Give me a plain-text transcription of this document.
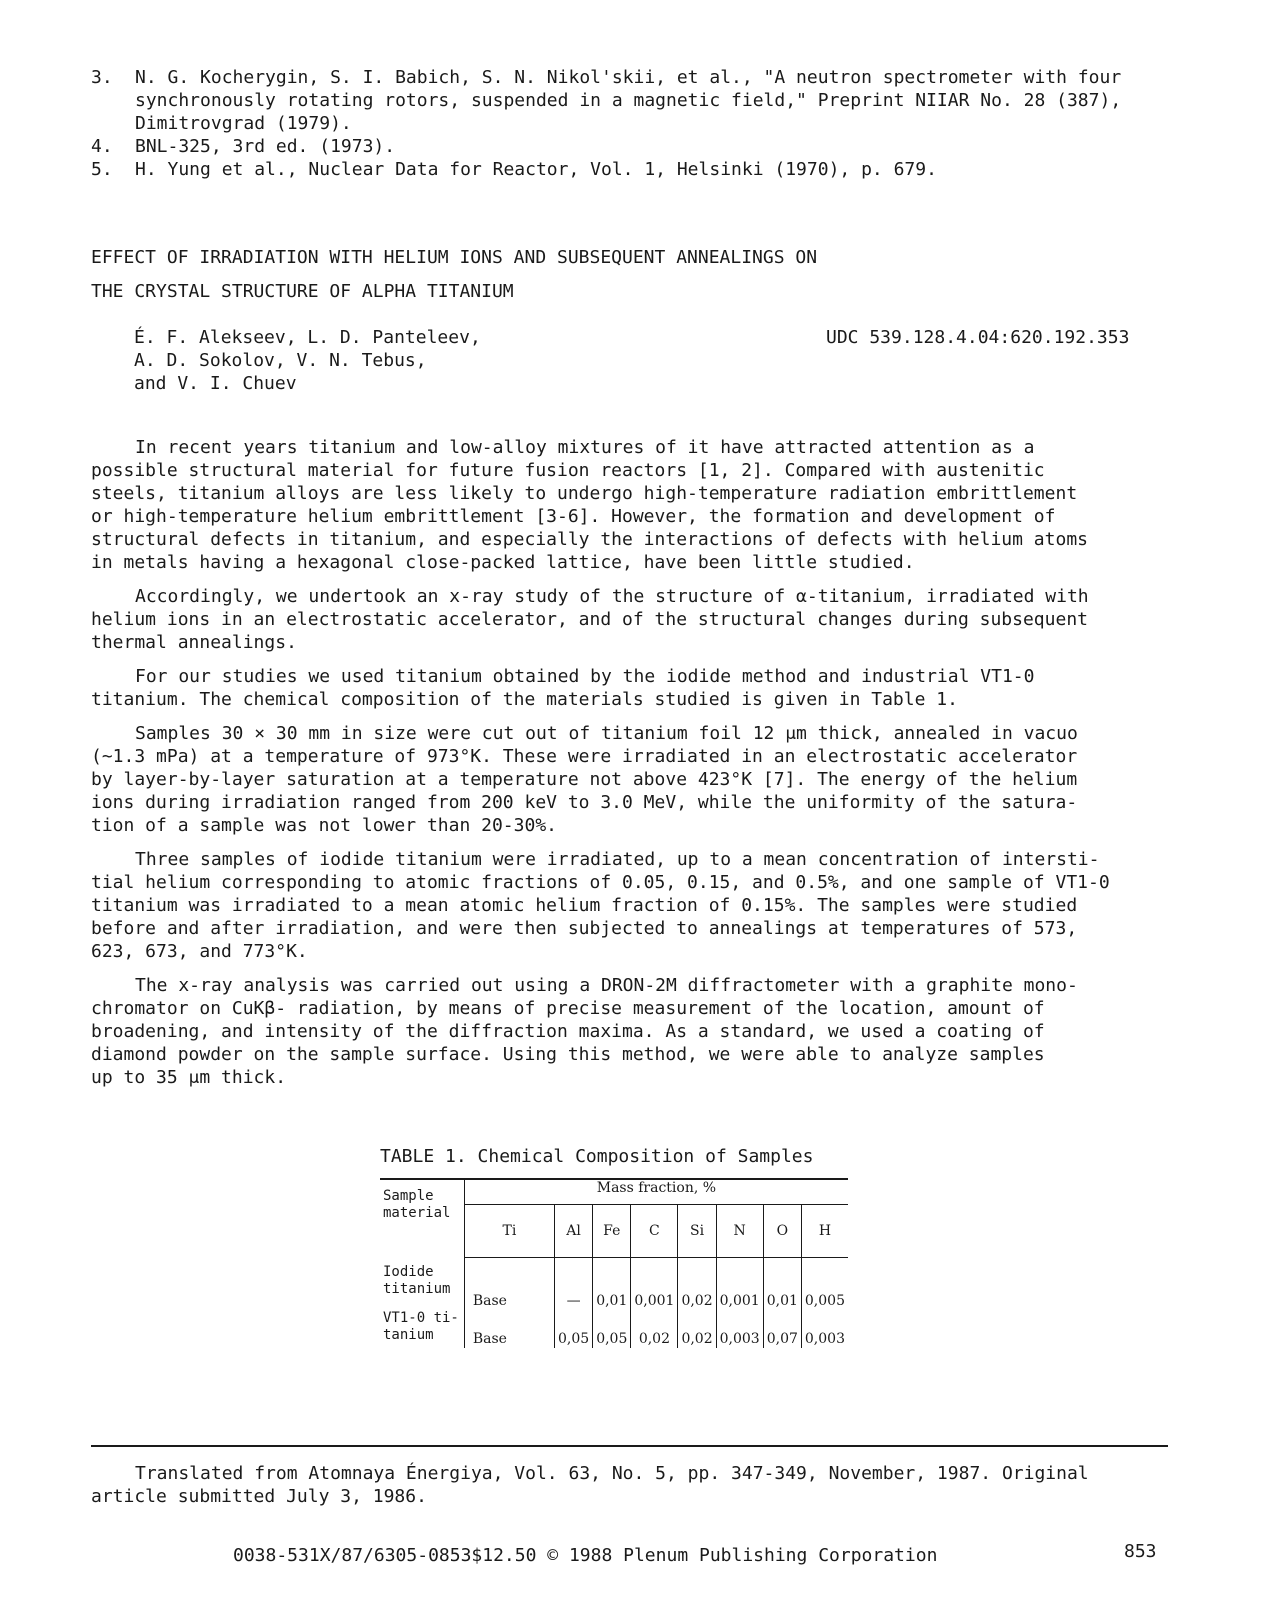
3. N. G. Kocherygin, S. I. Babich, S. N. Nikol'skii, et al., "A neutron spectrometer with four synchronously rotating rotors, suspended in a magnetic field," Preprint NIIAR No. 28 (387), Dimitrovgrad (1979).
4. BNL-325, 3rd ed. (1973).
5. H. Yung et al., Nuclear Data for Reactor, Vol. 1, Helsinki (1970), p. 679.
EFFECT OF IRRADIATION WITH HELIUM IONS AND SUBSEQUENT ANNEALINGS ON
THE CRYSTAL STRUCTURE OF ALPHA TITANIUM
É. F. Alekseev, L. D. Panteleev,
A. D. Sokolov, V. N. Tebus,
and V. I. Chuev
UDC 539.128.4.04:620.192.353

In recent years titanium and low-alloy mixtures of it have attracted attention as a
possible structural material for future fusion reactors [1, 2]. Compared with austenitic
steels, titanium alloys are less likely to undergo high-temperature radiation embrittlement
or high-temperature helium embrittlement [3-6]. However, the formation and development of
structural defects in titanium, and especially the interactions of defects with helium atoms
in metals having a hexagonal close-packed lattice, have been little studied.

Accordingly, we undertook an x-ray study of the structure of α-titanium, irradiated with
helium ions in an electrostatic accelerator, and of the structural changes during subsequent
thermal annealings.

For our studies we used titanium obtained by the iodide method and industrial VT1-0
titanium. The chemical composition of the materials studied is given in Table 1.

Samples 30 × 30 mm in size were cut out of titanium foil 12 μm thick, annealed in vacuo
(~1.3 mPa) at a temperature of 973°K. These were irradiated in an electrostatic accelerator
by layer-by-layer saturation at a temperature not above 423°K [7]. The energy of the helium
ions during irradiation ranged from 200 keV to 3.0 MeV, while the uniformity of the satura-
tion of a sample was not lower than 20-30%.

Three samples of iodide titanium were irradiated, up to a mean concentration of intersti-
tial helium corresponding to atomic fractions of 0.05, 0.15, and 0.5%, and one sample of VT1-0
titanium was irradiated to a mean atomic helium fraction of 0.15%. The samples were studied
before and after irradiation, and were then subjected to annealings at temperatures of 573,
623, 673, and 773°K.

The x-ray analysis was carried out using a DRON-2M diffractometer with a graphite mono-
chromator on CuKβ- radiation, by means of precise measurement of the location, amount of
broadening, and intensity of the diffraction maxima. As a standard, we used a coating of
diamond powder on the sample surface. Using this method, we were able to analyze samples
up to 35 μm thick.

TABLE 1. Chemical Composition of Samples
Sample material	Mass fraction, %							
	Ti	Al	Fe	C	Si	N	O	H
Iodide titanium	Base	—	0,01	0,001	0,02	0,001	0,01	0,005
VT1-0 ti-tanium	Base	0,05	0,05	0,02	0,02	0,003	0,07	0,003
Translated from Atomnaya Énergiya, Vol. 63, No. 5, pp. 347-349, November, 1987. Original
article submitted July 3, 1986.
0038-531X/87/6305-0853$12.50 © 1988 Plenum Publishing Corporation	853
